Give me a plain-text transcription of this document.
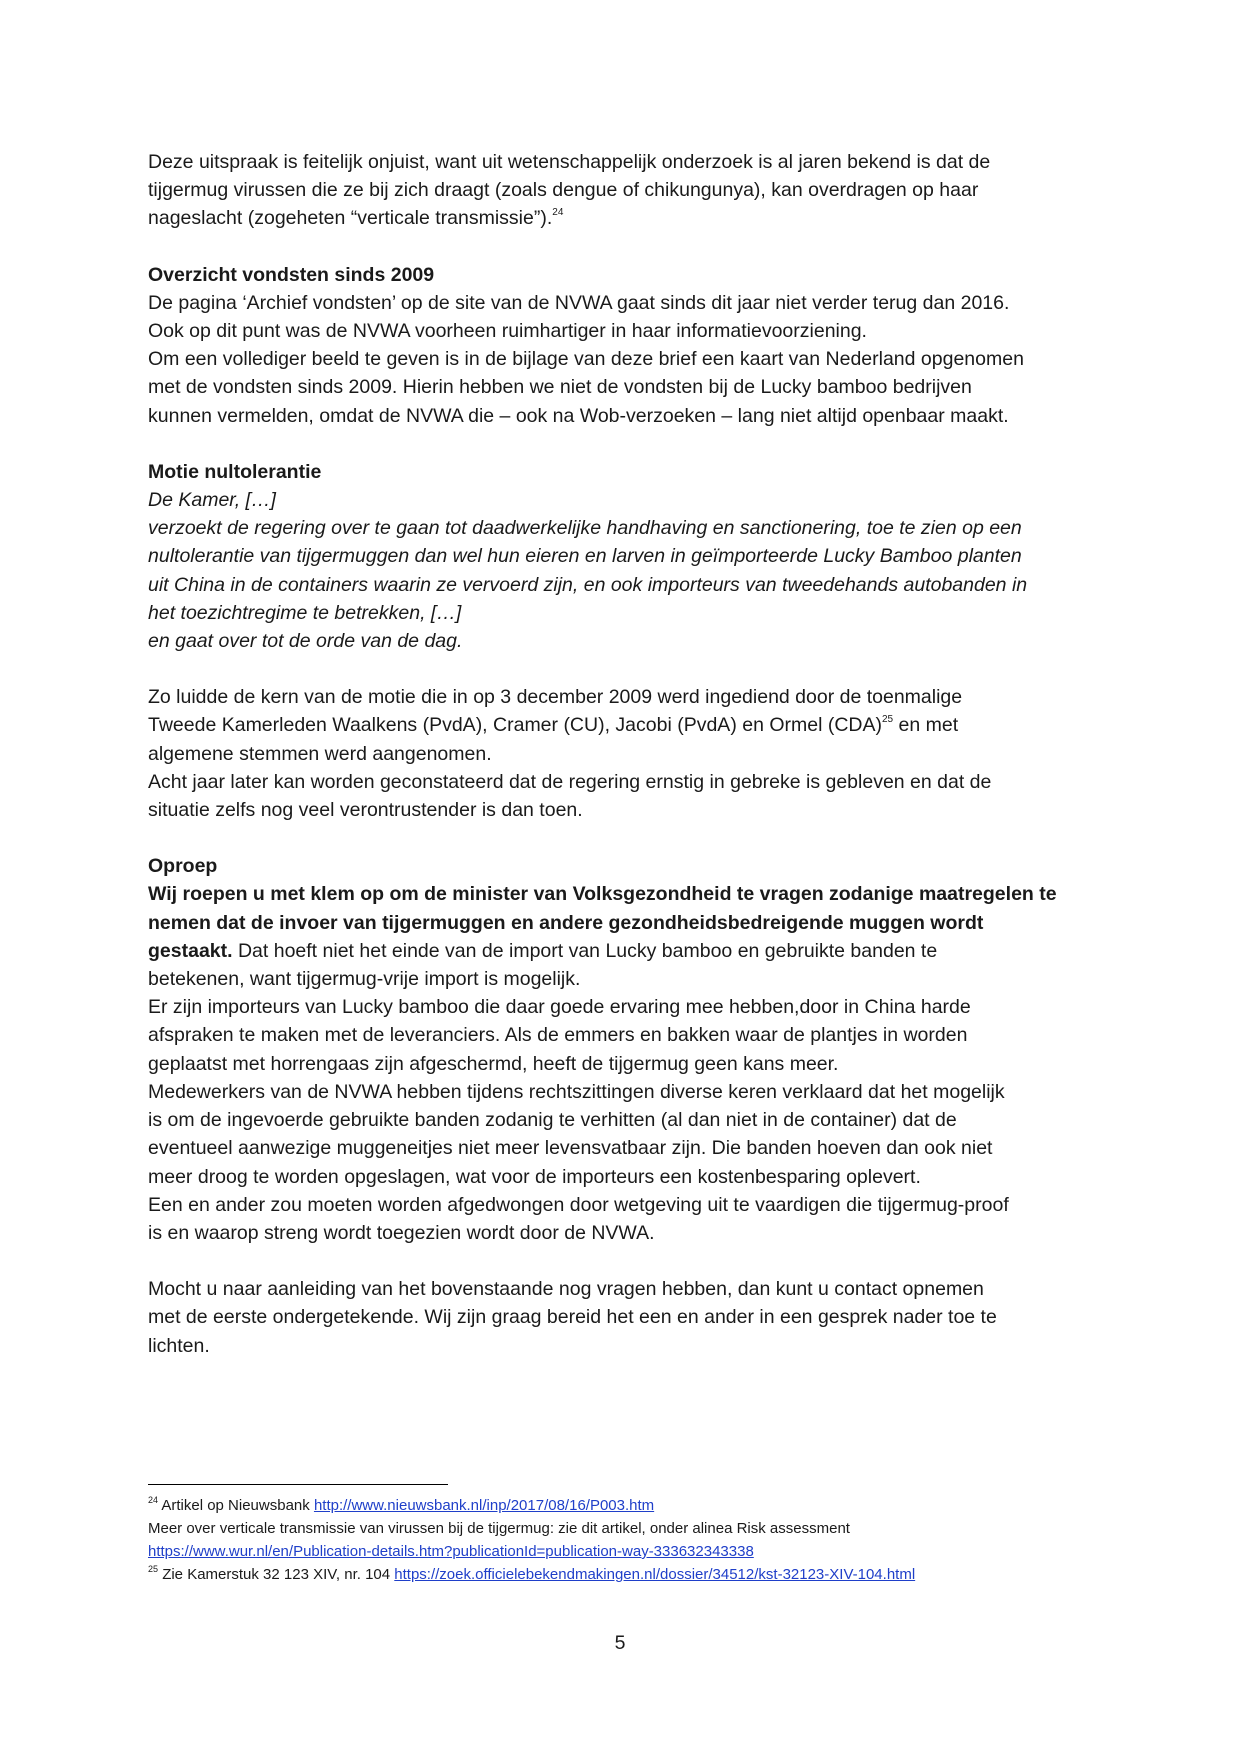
Deze uitspraak is feitelijk onjuist, want uit wetenschappelijk onderzoek is al jaren bekend is dat de

tijgermug virussen die ze bij zich draagt (zoals dengue of chikungunya), kan overdragen op haar

nageslacht (zogeheten “verticale transmissie”).$^{24}$

Overzicht vondsten sinds 2009

De pagina ‘Archief vondsten’ op de site van de NVWA gaat sinds dit jaar niet verder terug dan 2016.

Ook op dit punt was de NVWA voorheen ruimhartiger in haar informatievoorziening.

Om een vollediger beeld te geven is in de bijlage van deze brief een kaart van Nederland opgenomen

met de vondsten sinds 2009. Hierin hebben we niet de vondsten bij de Lucky bamboo bedrijven

kunnen vermelden, omdat de NVWA die – ook na Wob-verzoeken – lang niet altijd openbaar maakt.

Motie nultolerantie

De Kamer, […]

verzoekt de regering over te gaan tot daadwerkelijke handhaving en sanctionering, toe te zien op een

nultolerantie van tijgermuggen dan wel hun eieren en larven in geïmporteerde Lucky Bamboo planten

uit China in de containers waarin ze vervoerd zijn, en ook importeurs van tweedehands autobanden in

het toezichtregime te betrekken, […]

en gaat over tot de orde van de dag.

Zo luidde de kern van de motie die in op 3 december 2009 werd ingediend door de toenmalige

Tweede Kamerleden Waalkens (PvdA), Cramer (CU), Jacobi (PvdA) en Ormel (CDA)$^{25}$ en met

algemene stemmen werd aangenomen.

Acht jaar later kan worden geconstateerd dat de regering ernstig in gebreke is gebleven en dat de

situatie zelfs nog veel verontrustender is dan toen.

Oproep

Wij roepen u met klem op om de minister van Volksgezondheid te vragen zodanige maatregelen te

nemen dat de invoer van tijgermuggen en andere gezondheidsbedreigende muggen wordt

gestaakt. Dat hoeft niet het einde van de import van Lucky bamboo en gebruikte banden te

betekenen, want tijgermug-vrije import is mogelijk.

Er zijn importeurs van Lucky bamboo die daar goede ervaring mee hebben,door in China harde

afspraken te maken met de leveranciers. Als de emmers en bakken waar de plantjes in worden

geplaatst met horrengaas zijn afgeschermd, heeft de tijgermug geen kans meer.

Medewerkers van de NVWA hebben tijdens rechtszittingen diverse keren verklaard dat het mogelijk

is om de ingevoerde gebruikte banden zodanig te verhitten (al dan niet in de container) dat de

eventueel aanwezige muggeneitjes niet meer levensvatbaar zijn. Die banden hoeven dan ook niet

meer droog te worden opgeslagen, wat voor de importeurs een kostenbesparing oplevert.

Een en ander zou moeten worden afgedwongen door wetgeving uit te vaardigen die tijgermug-proof

is en waarop streng wordt toegezien wordt door de NVWA.

Mocht u naar aanleiding van het bovenstaande nog vragen hebben, dan kunt u contact opnemen

met de eerste ondergetekende. Wij zijn graag bereid het een en ander in een gesprek nader toe te

lichten.

$^{24}$ Artikel op Nieuwsbank http://www.nieuwsbank.nl/inp/2017/08/16/P003.htm

Meer over verticale transmissie van virussen bij de tijgermug: zie dit artikel, onder alinea Risk assessment

https://www.wur.nl/en/Publication-details.htm?publicationId=publication-way-333632343338

$^{25}$ Zie Kamerstuk 32 123 XIV, nr. 104 https://zoek.officielebekendmakingen.nl/dossier/34512/kst-32123-XIV-104.html

5
